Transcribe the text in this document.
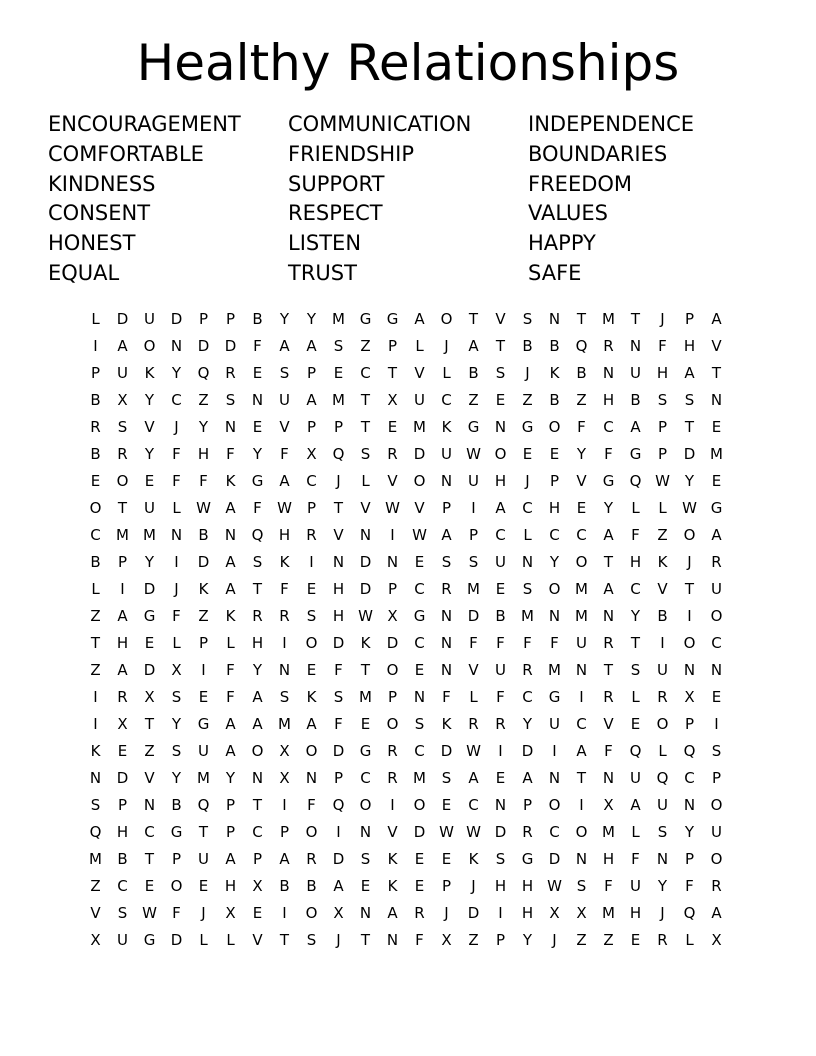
Healthy Relationships
ENCOURAGEMENT	COMMUNICATION	INDEPENDENCE
COMFORTABLE	FRIENDSHIP	BOUNDARIES
KINDNESS	SUPPORT	FREEDOM
CONSENT	RESPECT	VALUES
HONEST	LISTEN	HAPPY
EQUAL	TRUST	SAFE
L	D	U	D	P	P	B	Y	Y	M G	G	A	O	T	V	S	N	T	M	T	J	P	A
I	A	O	N	D	D	F	A	A	S	Z	P	L	J	A	T	B	B	Q	R	N	F	H	V
P	U	K	Y	Q	R	E	S	P	E	C	T	V	L	B	S	J	K	B	N	U	H	A	T
B	X	Y	C	Z	S	N	U	A	M	T	X	U	C	Z	E	Z	B	Z	H	B	S	S	N
R	S	V	J	Y	N	E	V	P	P	T	E	M	K	G	N	G	O	F	C	A	P	T	E
B	R	Y	F	H	F	Y	F	X	Q	S	R	D	U W O	E	E	Y	F	G	P	D M
E	O	E	F	F	K	G	A	C	J	L	V	O	N	U	H	J	P	V	G	Q W Y	E
O	T	U	L	W A	F	W	P	T	V W V	P	I	A	C	H	E	Y	L	L	W G
C	M M N	B	N	Q	H	R	V	N	I	W A	P	C	L	C	C	A	F	Z	O	A
B	P	Y	I	D	A	S	K	I	N	D	N	E	S	S	U	N	Y	O	T	H	K	J	R
L	I	D	J	K	A	T	F	E	H	D	P	C	R	M	E	S	O M	A	C	V	T	U
Z	A	G	F	Z	K	R	R	S	H W X	G	N	D	B	M N M N	Y	B	I	O
T	H	E	L	P	L	H	I	O	D	K	D	C	N	F	F	F	F	U	R	T	I	O	C
Z	A	D	X	I	F	Y	N	E	F	T	O	E	N	V	U	R	M N	T	S	U	N	N
I	R	X	S	E	F	A	S	K	S	M	P	N	F	L	F	C	G	I	R	L	R	X	E
I	X	T	Y	G	A	A	M	A	F	E	O	S	K	R	R	Y	U	C	V	E	O	P	I
K	E	Z	S	U	A	O	X	O	D	G	R	C	D W	I	D	I	A	F	Q	L	Q	S
N	D	V	Y	M	Y	N	X	N	P	C	R	M	S	A	E	A	N	T	N	U	Q	C	P
S	P	N	B	Q	P	T	I	F	Q	O	I	O	E	C	N	P	O	I	X	A	U	N	O
Q	H	C	G	T	P	C	P	O	I	N	V	D W W D	R	C	O M	L	S	Y	U
M	B	T	P	U	A	P	A	R	D	S	K	E	E	K	S	G	D	N	H	F	N	P	O
Z	C	E	O	E	H	X	B	B	A	E	K	E	P	J	H	H W S	F	U	Y	F	R
V	S W	F	J	X	E	I	O	X	N	A	R	J	D	I	H	X	X	M H	J	Q	A
X	U	G	D	L	L	V	T	S	J	T	N	F	X	Z	P	Y	J	Z	Z	E	R	L	X
